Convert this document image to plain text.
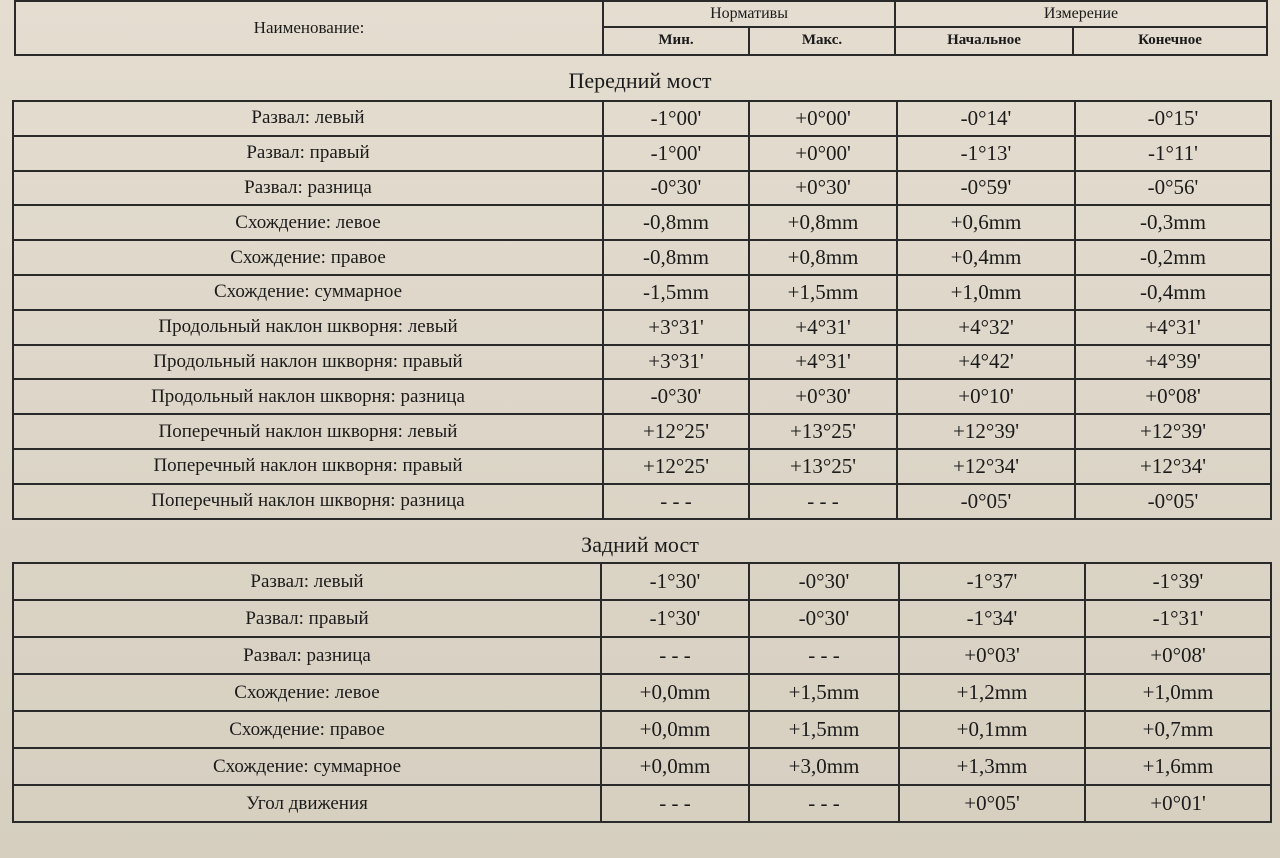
Наименование:	Нормативы		Измерение	
	Мин.	Макс.	Начальное	Конечное
Передний мост
Развал: левый	-1°00'	+0°00'	-0°14'	-0°15'
Развал: правый	-1°00'	+0°00'	-1°13'	-1°11'
Развал: разница	-0°30'	+0°30'	-0°59'	-0°56'
Схождение: левое	-0,8mm	+0,8mm	+0,6mm	-0,3mm
Схождение: правое	-0,8mm	+0,8mm	+0,4mm	-0,2mm
Схождение: суммарное	-1,5mm	+1,5mm	+1,0mm	-0,4mm
Продольный наклон шкворня: левый	+3°31'	+4°31'	+4°32'	+4°31'
Продольный наклон шкворня: правый	+3°31'	+4°31'	+4°42'	+4°39'
Продольный наклон шкворня: разница	-0°30'	+0°30'	+0°10'	+0°08'
Поперечный наклон шкворня: левый	+12°25'	+13°25'	+12°39'	+12°39'
Поперечный наклон шкворня: правый	+12°25'	+13°25'	+12°34'	+12°34'
Поперечный наклон шкворня: разница	- - -	- - -	-0°05'	-0°05'
Задний мост
Развал: левый	-1°30'	-0°30'	-1°37'	-1°39'
Развал: правый	-1°30'	-0°30'	-1°34'	-1°31'
Развал: разница	- - -	- - -	+0°03'	+0°08'
Схождение: левое	+0,0mm	+1,5mm	+1,2mm	+1,0mm
Схождение: правое	+0,0mm	+1,5mm	+0,1mm	+0,7mm
Схождение: суммарное	+0,0mm	+3,0mm	+1,3mm	+1,6mm
Угол движения	- - -	- - -	+0°05'	+0°01'
